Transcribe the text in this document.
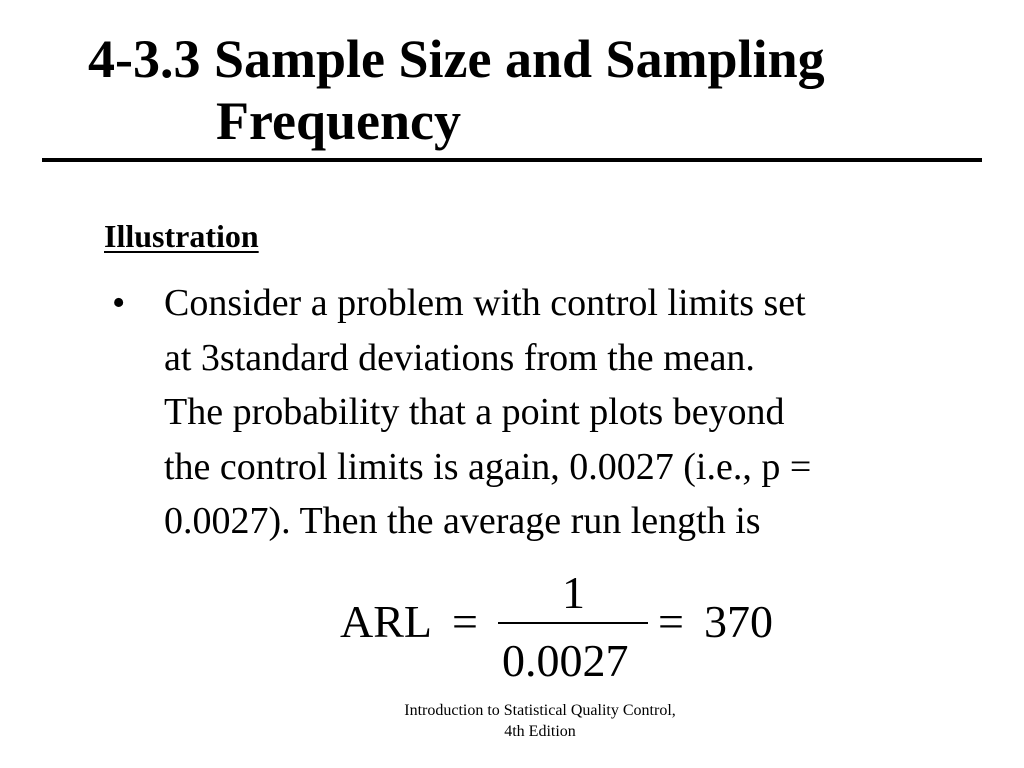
4-3.3 Sample Size and Sampling
Frequency
Illustration
•	Consider a problem with control limits set
at 3standard deviations from the mean.
The probability that a point plots beyond
the control limits is again, 0.0027 (i.e., p =
0.0027). Then the average run length is
ARL =
1
0.0027
= 370
Introduction to Statistical Quality Control,
4th Edition
